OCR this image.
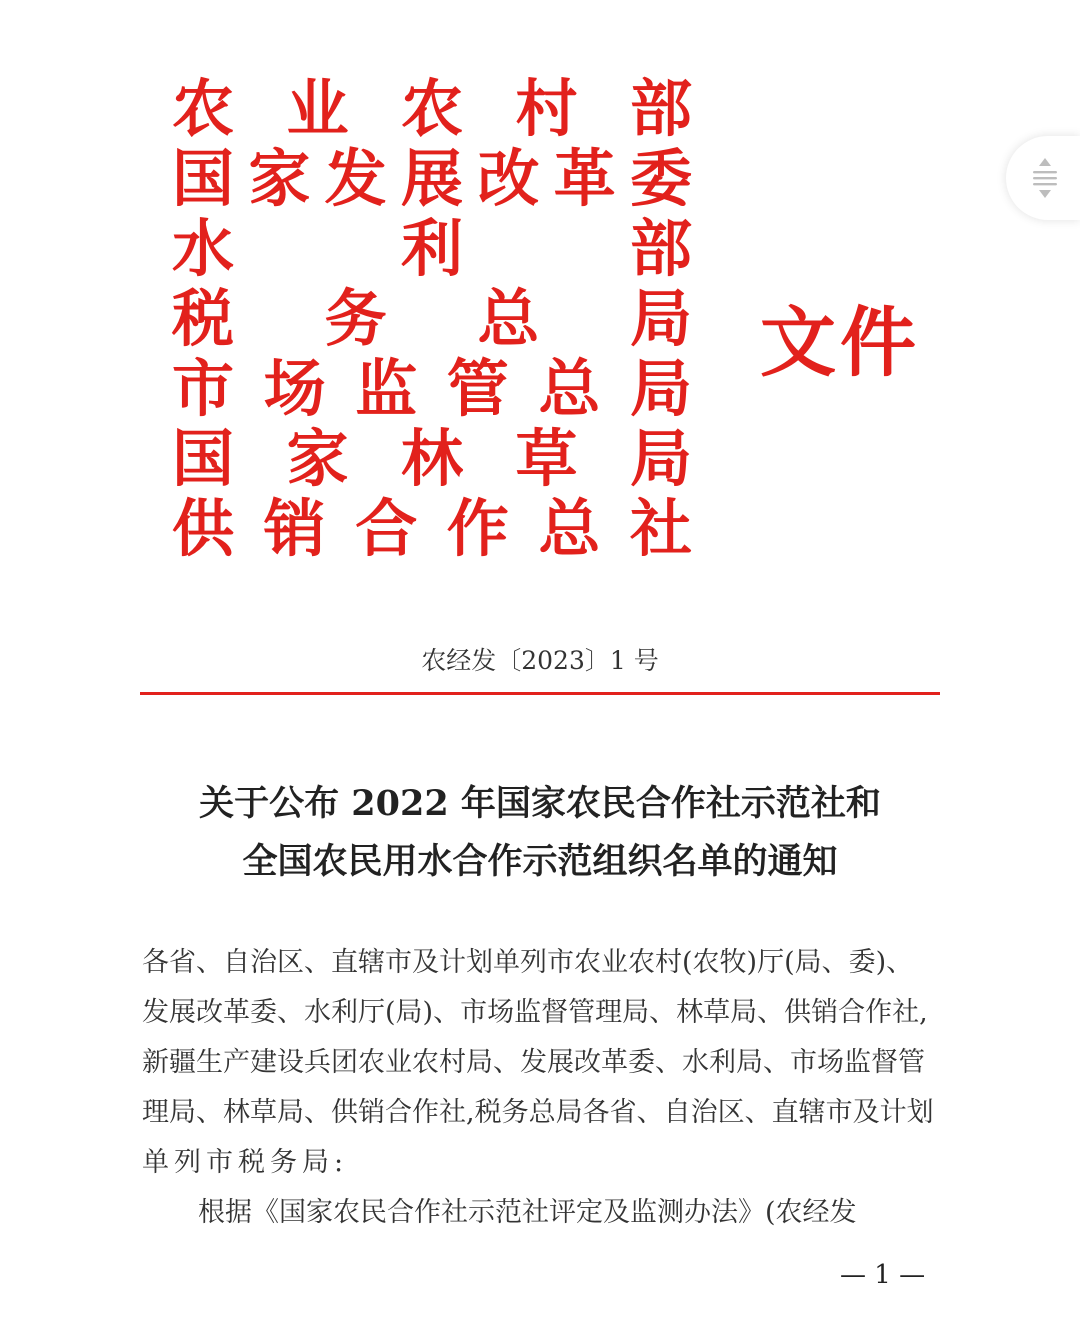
农 业 农 村 部
国 家 发 展 改 革 委
水	利	部
税 务 总 局
市 场 监 管 总 局
国 家 林 草 局
供 销 合 作 总 社
文件
农经发〔2023〕1 号
关于公布 2022 年国家农民合作社示范社和
全国农民用水合作示范组织名单的通知
各省、自治区、直辖市及计划单列市农业农村(农牧)厅(局、委)、
发展改革委、水利厅(局)、市场监督管理局、林草局、供销合作社,
新疆生产建设兵团农业农村局、发展改革委、水利局、市场监督管
理局、林草局、供销合作社,税务总局各省、自治区、直辖市及计划
单列市税务局:
根据《国家农民合作社示范社评定及监测办法》(农经发
— 1 —
